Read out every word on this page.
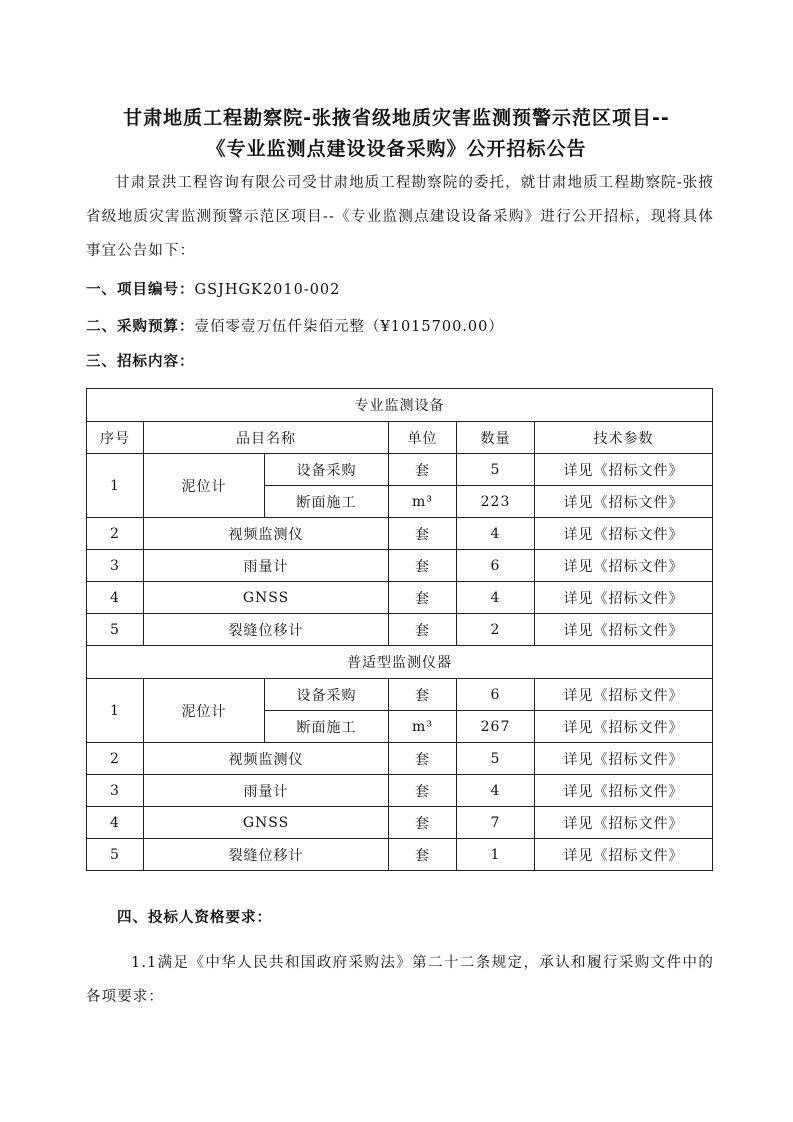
甘肃地质工程勘察院-张掖省级地质灾害监测预警示范区项目--
《专业监测点建设设备采购》公开招标公告
甘肃景洪工程咨询有限公司受甘肃地质工程勘察院的委托，就甘肃地质工程勘察院-张掖省级地质灾害监测预警示范区项目--《专业监测点建设设备采购》进行公开招标，现将具体事宜公告如下：
一、项目编号：GSJHGK2010-002
二、采购预算：壹佰零壹万伍仟柒佰元整（¥1015700.00）
三、招标内容：
专业监测设备					
序号	品目名称		单位	数量	技术参数
1	泥位计	设备采购	套	5	详见《招标文件》
		断面施工	m³	223	详见《招标文件》
2	视频监测仪		套	4	详见《招标文件》
3	雨量计		套	6	详见《招标文件》
4	GNSS		套	4	详见《招标文件》
5	裂缝位移计		套	2	详见《招标文件》
普适型监测仪器					
1	泥位计	设备采购	套	6	详见《招标文件》
		断面施工	m³	267	详见《招标文件》
2	视频监测仪		套	5	详见《招标文件》
3	雨量计		套	4	详见《招标文件》
4	GNSS		套	7	详见《招标文件》
5	裂缝位移计		套	1	详见《招标文件》
四、投标人资格要求：
1.1满足《中华人民共和国政府采购法》第二十二条规定，承认和履行采购文件中的各项要求：
